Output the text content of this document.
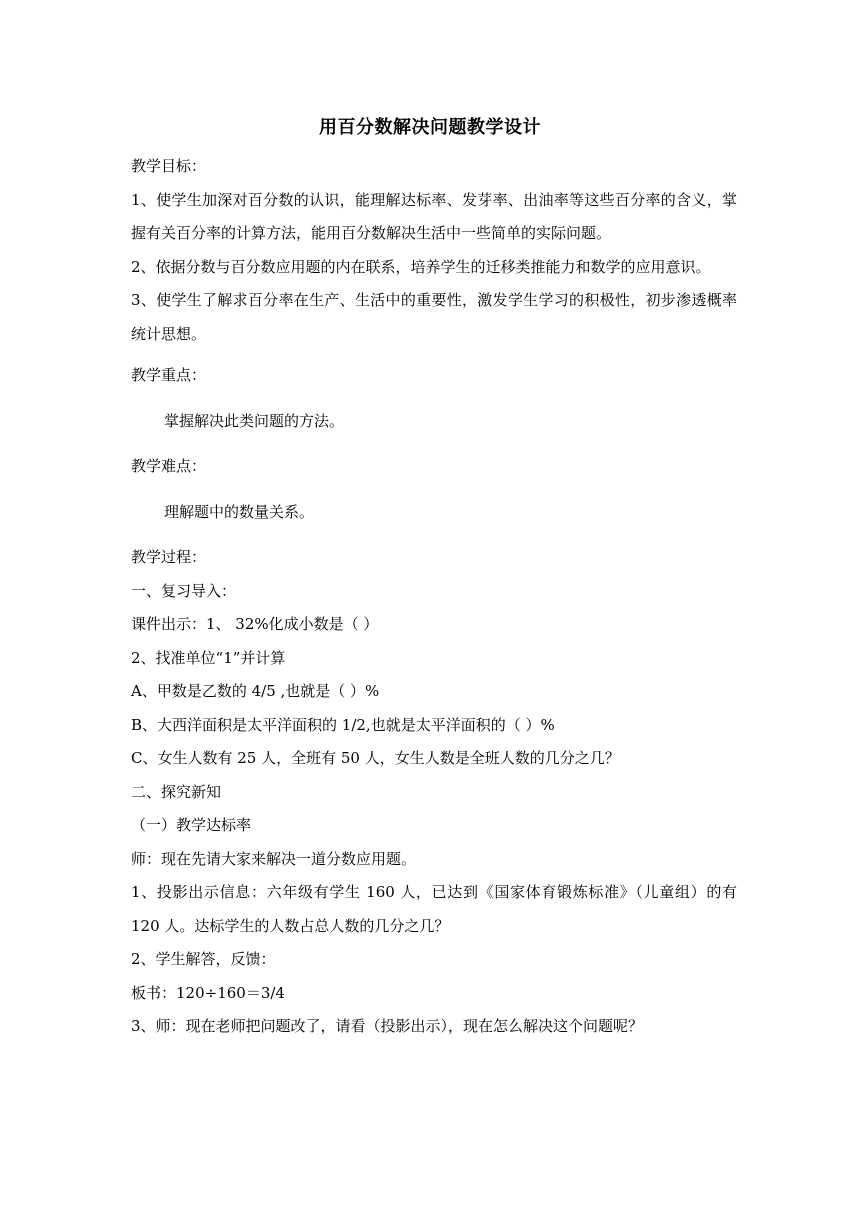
用百分数解决问题教学设计

教学目标：

1、使学生加深对百分数的认识，能理解达标率、发芽率、出油率等这些百分率的含义，掌握有关百分率的计算方法，能用百分数解决生活中一些简单的实际问题。

2、依据分数与百分数应用题的内在联系，培养学生的迁移类推能力和数学的应用意识。

3、使学生了解求百分率在生产、生活中的重要性，激发学生学习的积极性，初步渗透概率统计思想。

教学重点：

掌握解决此类问题的方法。

教学难点：

理解题中的数量关系。

教学过程：

一、复习导入：

课件出示：1、 32%化成小数是（ ）

2、找准单位“1”并计算

A、甲数是乙数的 4/5 ,也就是（ ）%

B、大西洋面积是太平洋面积的 1/2,也就是太平洋面积的（ ）%

C、女生人数有 25 人，全班有 50 人，女生人数是全班人数的几分之几？

二、探究新知

（一）教学达标率

师：现在先请大家来解决一道分数应用题。

1、投影出示信息：六年级有学生 160 人，已达到《国家体育锻炼标准》（儿童组）的有 120 人。达标学生的人数占总人数的几分之几？

2、学生解答，反馈：

板书：120÷160＝3/4

3、师：现在老师把问题改了，请看（投影出示），现在怎么解决这个问题呢？
